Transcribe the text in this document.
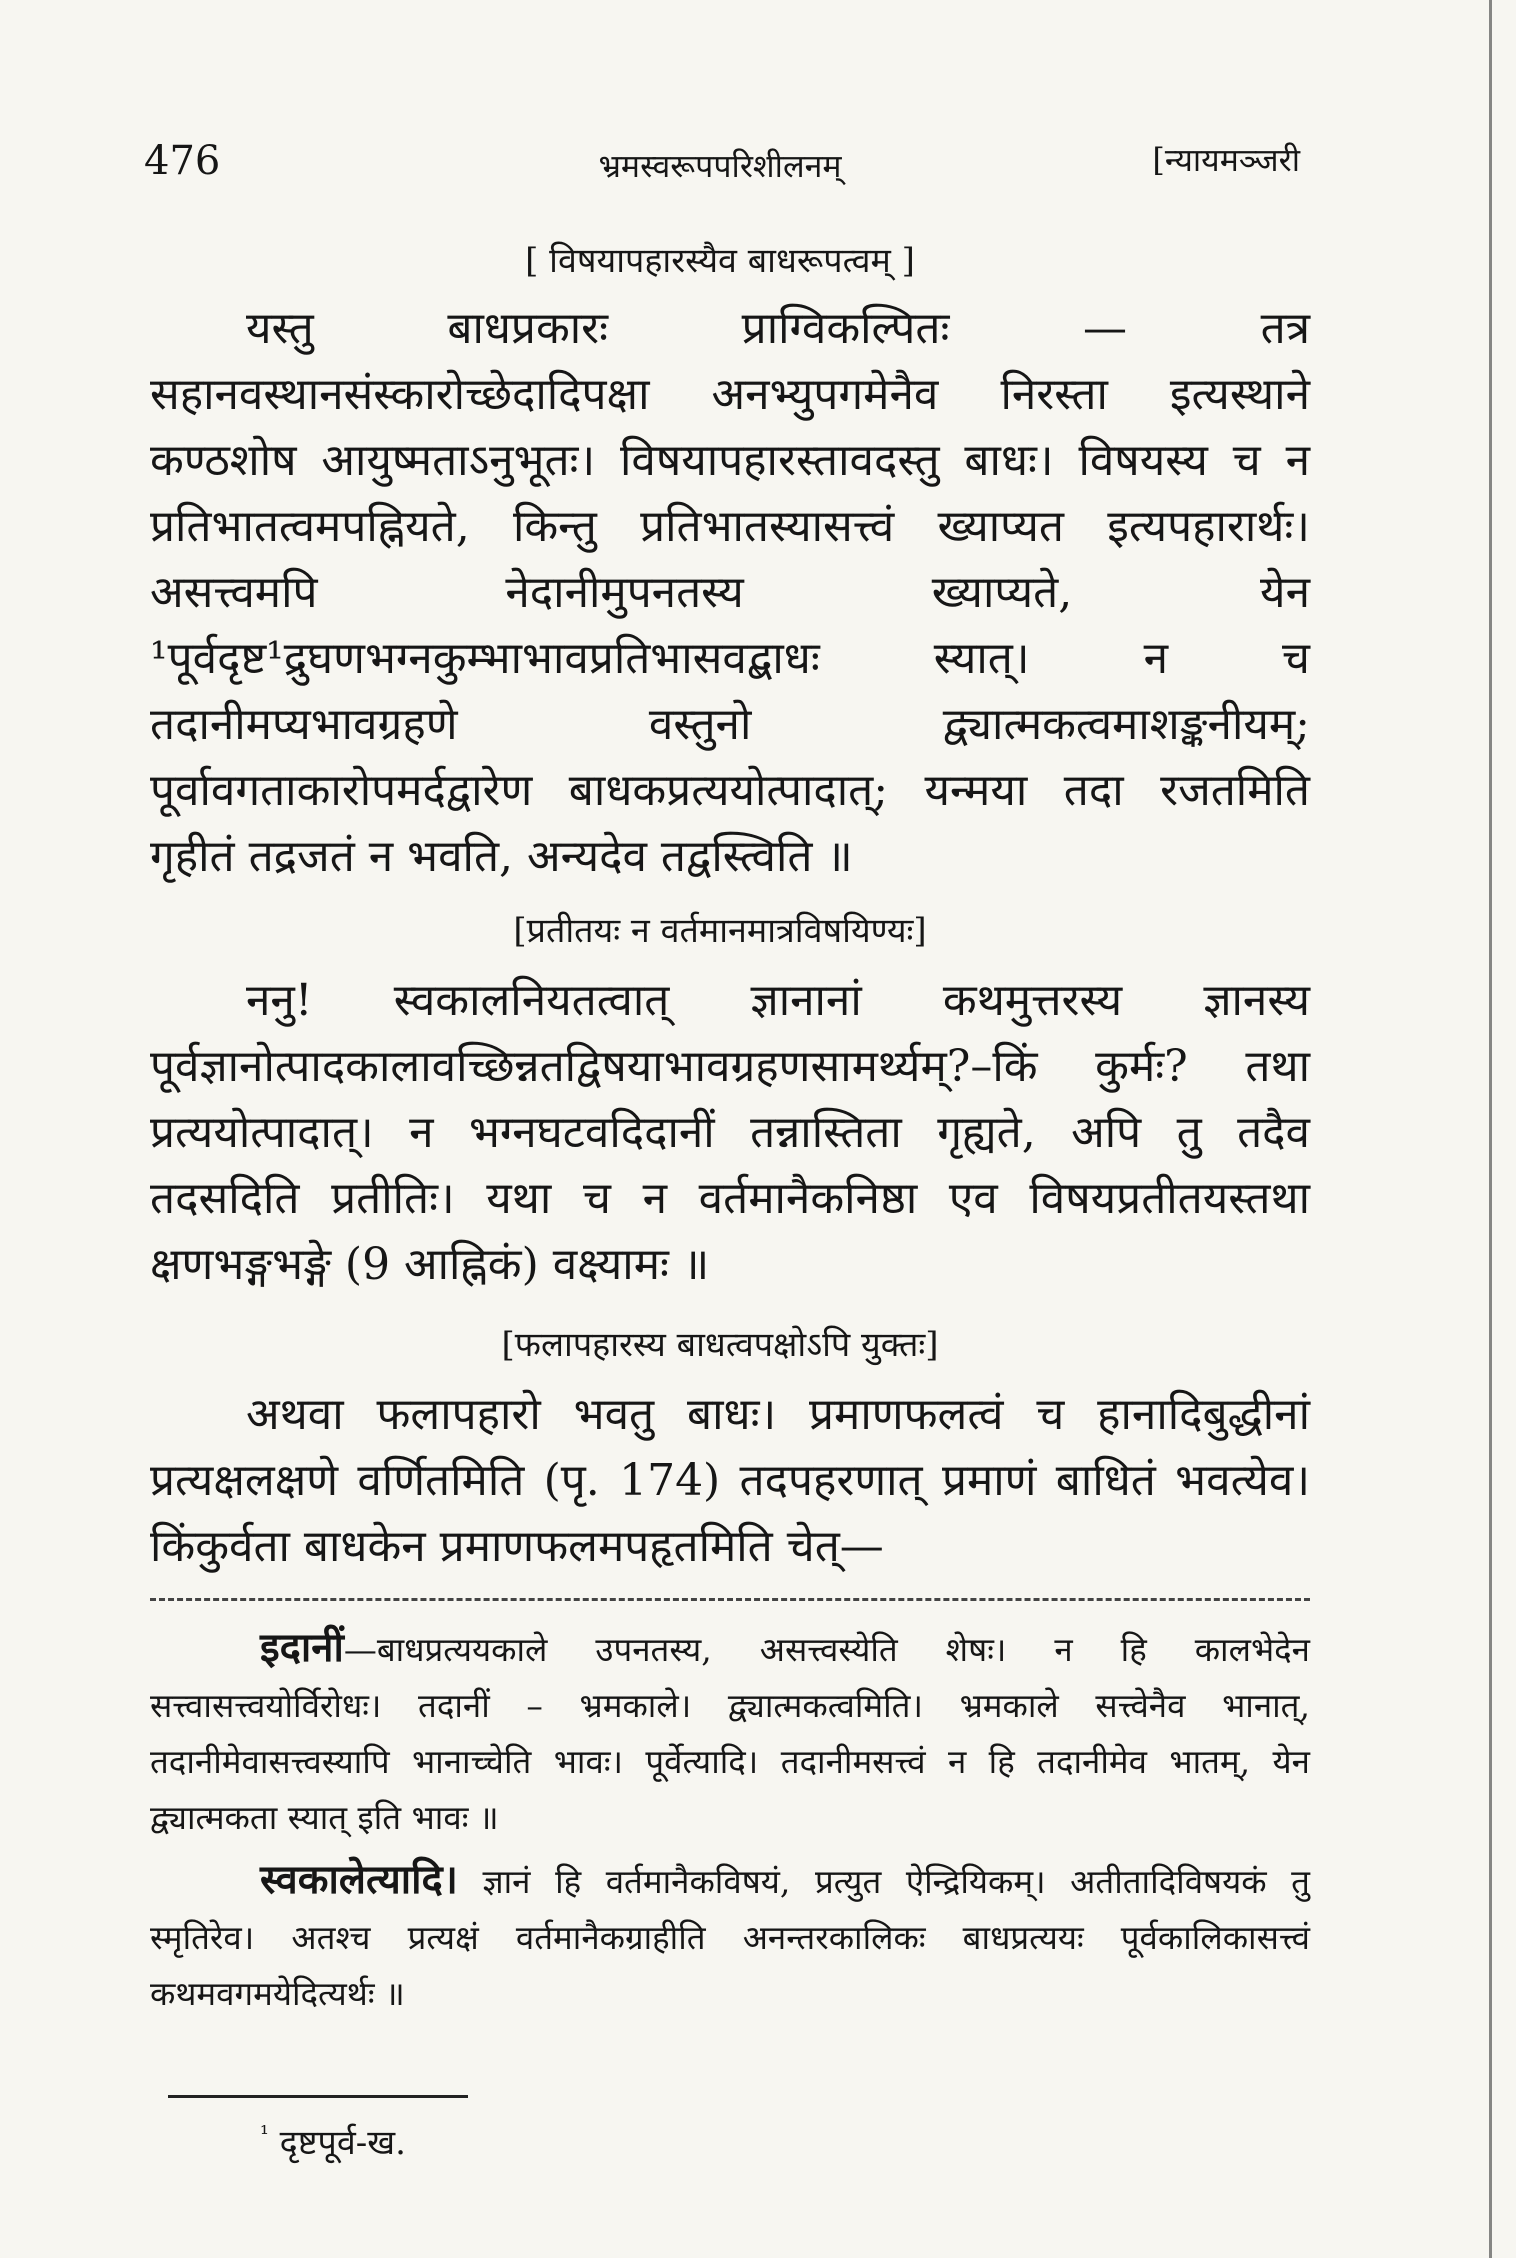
476	भ्रमस्वरूपपरिशीलनम्	[न्यायमञ्जरी
[ विषयापहारस्यैव बाधरूपत्वम् ]
यस्तु बाधप्रकारः प्राग्विकल्पितः — तत्र सहानवस्थानसंस्कारोच्छेदादिपक्षा अनभ्युपगमेनैव निरस्ता इत्यस्थाने कण्ठशोष आयुष्मताऽनुभूतः। विषयापहारस्तावदस्तु बाधः। विषयस्य च न प्रतिभातत्वमपह्नियते, किन्तु प्रतिभातस्यासत्त्वं ख्याप्यत इत्यपहारार्थः। असत्त्वमपि नेदानीमुपनतस्य ख्याप्यते, येन ¹पूर्वदृष्ट¹द्रुघणभग्नकुम्भाभावप्रतिभासवद्बाधः स्यात्। न च तदानीमप्यभावग्रहणे वस्तुनो द्व्यात्मकत्वमाशङ्कनीयम्; पूर्वावगताकारोपमर्दद्वारेण बाधकप्रत्ययोत्पादात्; यन्मया तदा रजतमिति गृहीतं तद्रजतं न भवति, अन्यदेव तद्वस्त्विति ॥
[प्रतीतयः न वर्तमानमात्रविषयिण्यः]
ननु! स्वकालनियतत्वात् ज्ञानानां कथमुत्तरस्य ज्ञानस्य पूर्वज्ञानोत्पादकालावच्छिन्नतद्विषयाभावग्रहणसामर्थ्यम्?–किं कुर्मः? तथा प्रत्ययोत्पादात्। न भग्नघटवदिदानीं तन्नास्तिता गृह्यते, अपि तु तदैव तदसदिति प्रतीतिः। यथा च न वर्तमानैकनिष्ठा एव विषयप्रतीतयस्तथा क्षणभङ्गभङ्गे (9 आह्निकं) वक्ष्यामः ॥
[फलापहारस्य बाधत्वपक्षोऽपि युक्तः]
अथवा फलापहारो भवतु बाधः। प्रमाणफलत्वं च हानादिबुद्धीनां प्रत्यक्षलक्षणे वर्णितमिति (पृ. 174) तदपहरणात् प्रमाणं बाधितं भवत्येव। किंकुर्वता बाधकेन प्रमाणफलमपहृतमिति चेत्—
इदानीं—बाधप्रत्ययकाले उपनतस्य, असत्त्वस्येति शेषः। न हि कालभेदेन सत्त्वासत्त्वयोर्विरोधः। तदानीं – भ्रमकाले। द्व्यात्मकत्वमिति। भ्रमकाले सत्त्वेनैव भानात्, तदानीमेवासत्त्वस्यापि भानाच्चेति भावः। पूर्वेत्यादि। तदानीमसत्त्वं न हि तदानीमेव भातम्, येन द्व्यात्मकता स्यात् इति भावः ॥
स्वकालेत्यादि। ज्ञानं हि वर्तमानैकविषयं, प्रत्युत ऐन्द्रियिकम्। अतीतादिविषयकं तु स्मृतिरेव। अतश्च प्रत्यक्षं वर्तमानैकग्राहीति अनन्तरकालिकः बाधप्रत्ययः पूर्वकालिकासत्त्वं कथमवगमयेदित्यर्थः ॥
$^{^1}$ दृष्टपूर्व-ख.
